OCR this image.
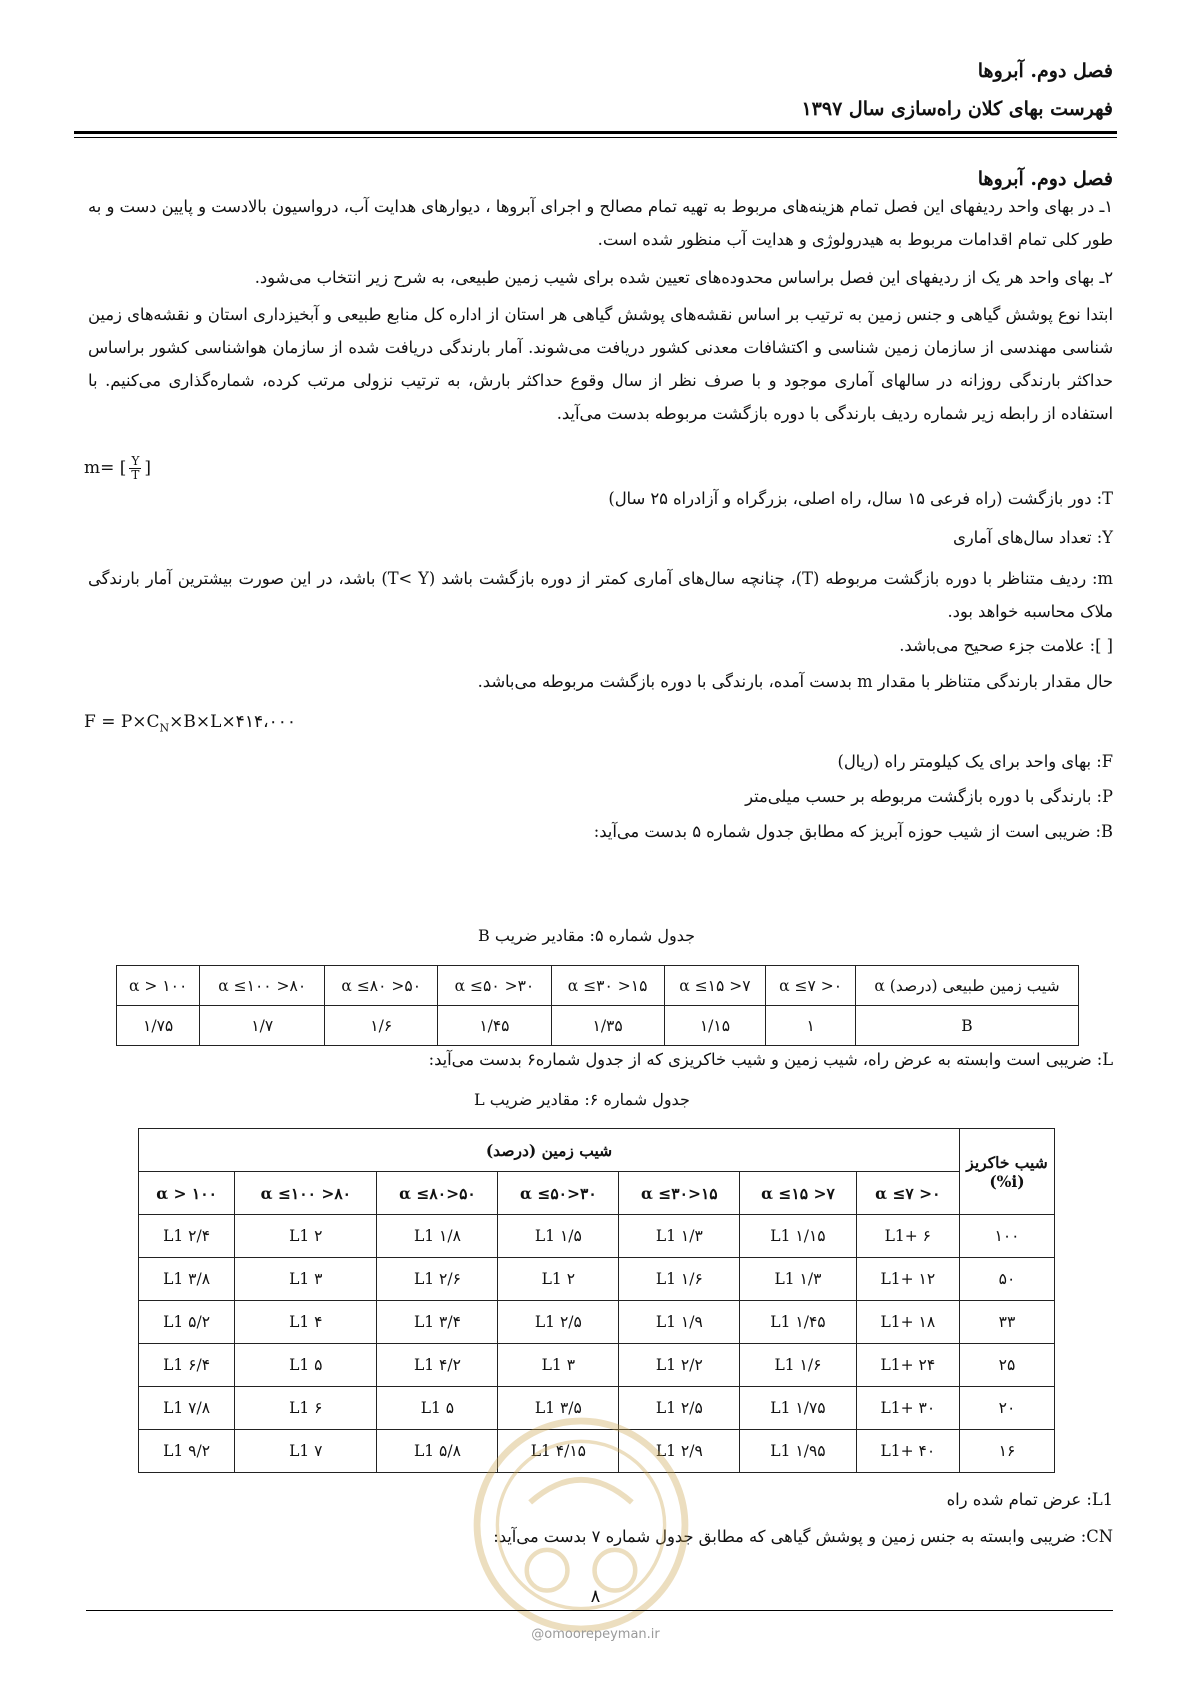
فصل دوم. آبروها
فهرست بهای کلان راه‌سازی سال ۱۳۹۷
فصل دوم. آبروها
۱ـ در بهای واحد ردیفهای این فصل تمام هزینه‌های مربوط به تهیه تمام مصالح و اجرای آبروها ، دیوارهای هدایت آب، درواسیون بالادست و پایین دست و به طور کلی تمام اقدامات مربوط به هیدرولوژی و هدایت آب منظور شده است.
۲ـ بهای واحد هر یک از ردیفهای این فصل براساس محدوده‌های تعیین شده برای شیب زمین طبیعی، به شرح زیر انتخاب می‌شود.
ابتدا نوع پوشش گیاهی و جنس زمین به ترتیب بر اساس نقشه‌های پوشش گیاهی هر استان از اداره کل منابع طبیعی و آبخیزداری استان و نقشه‌های زمین شناسی مهندسی از سازمان زمین شناسی و اکتشافات معدنی کشور دریافت می‌شوند. آمار بارندگی دریافت شده از سازمان هواشناسی کشور براساس حداکثر بارندگی روزانه در سالهای آماری موجود و با صرف نظر از سال وقوع حداکثر بارش، به ترتیب نزولی مرتب کرده، شماره‌گذاری می‌کنیم. با استفاده از رابطه زیر شماره ردیف بارندگی با دوره بازگشت مربوطه بدست می‌آید.
m= [ $\frac{Y}{T}$ ]
T: دور بازگشت (راه فرعی ۱۵ سال، راه اصلی، بزرگراه و آزادراه ۲۵ سال)
Y: تعداد سال‌های آماری
m: ردیف متناظر با دوره بازگشت مربوطه (T)، چنانچه سال‌های آماری کمتر از دوره بازگشت باشد (T< Y) باشد، در این صورت بیشترین آمار بارندگی ملاک محاسبه خواهد بود.
[ ]: علامت جزء صحیح می‌باشد.
حال مقدار بارندگی متناظر با مقدار m بدست آمده، بارندگی با دوره بازگشت مربوطه می‌باشد.
$F = P\times C_N\times B\times L\times ۴۱۴،۰۰۰$
F: بهای واحد برای یک کیلومتر راه (ریال)
P: بارندگی با دوره بازگشت مربوطه بر حسب میلی‌متر
B: ضریبی است از شیب حوزه آبریز که مطابق جدول شماره ۵ بدست می‌آید:
جدول شماره ۵: مقادیر ضریب B
شیب زمین طبیعی (درصد) α	۰< α ≤۷	۷< α ≤۱۵	۱۵< α ≤۳۰	۳۰< α ≤۵۰	۵۰< α ≤۸۰	۸۰< α ≤۱۰۰	α > ۱۰۰
B	۱	۱/۱۵	۱/۳۵	۱/۴۵	۱/۶	۱/۷	۱/۷۵
L: ضریبی است وابسته به عرض راه، شیب زمین و شیب خاکریزی که از جدول شماره۶ بدست می‌آید:
جدول شماره ۶: مقادیر ضریب L
شیب خاکریز
(i%)	شیب زمین (درصد)						
	۰< α ≤۷	۷< α ≤۱۵	۱۵<α ≤۳۰	۳۰<α ≤۵۰	۵۰<α ≤۸۰	۸۰< α ≤۱۰۰	α > ۱۰۰
۱۰۰	L1+ ۶	۱/۱۵ L1	۱/۳ L1	۱/۵ L1	۱/۸ L1	۲ L1	۲/۴ L1
۵۰	L1+ ۱۲	۱/۳ L1	۱/۶ L1	۲ L1	۲/۶ L1	۳ L1	۳/۸ L1
۳۳	L1+ ۱۸	۱/۴۵ L1	۱/۹ L1	۲/۵ L1	۳/۴ L1	۴ L1	۵/۲ L1
۲۵	L1+ ۲۴	۱/۶ L1	۲/۲ L1	۳ L1	۴/۲ L1	۵ L1	۶/۴ L1
۲۰	L1+ ۳۰	۱/۷۵ L1	۲/۵ L1	۳/۵ L1	۵ L1	۶ L1	۷/۸ L1
۱۶	L1+ ۴۰	۱/۹۵ L1	۲/۹ L1	۴/۱۵ L1	۵/۸ L1	۷ L1	۹/۲ L1
L1: عرض تمام شده راه
CN: ضریبی وابسته به جنس زمین و پوشش گیاهی که مطابق جدول شماره ۷ بدست می‌آید:
۸
@omoorepeyman.ir
